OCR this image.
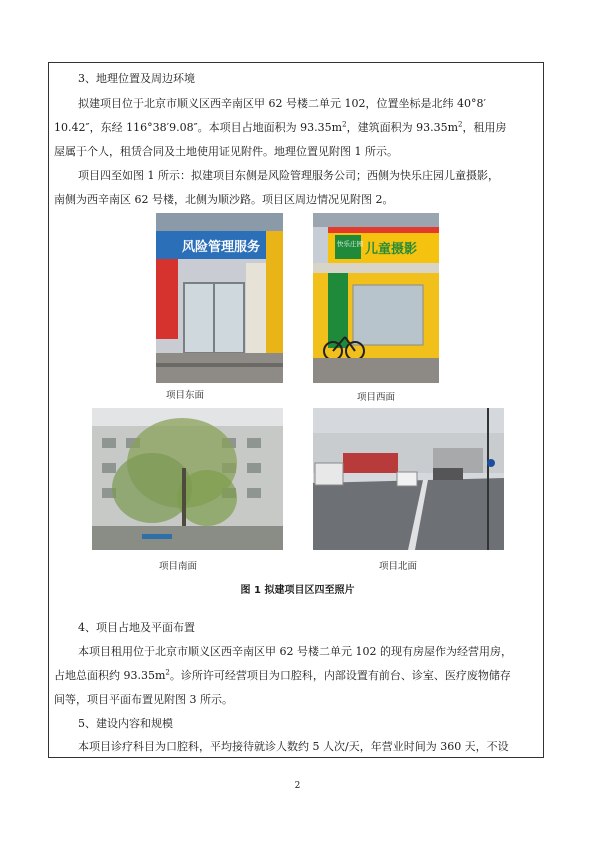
3、地理位置及周边环境
拟建项目位于北京市顺义区西辛南区甲 62 号楼二单元 102，位置坐标是北纬 40°8′
10.42″，东经 116°38′9.08″。本项目占地面积为 $93.35m^2$，建筑面积为 $93.35m^2$，租用房
屋属于个人，租赁合同及土地使用证见附件。地理位置见附图 1 所示。
项目四至如图 1 所示：拟建项目东侧是风险管理服务公司；西侧为快乐庄园儿童摄影，
南侧为西辛南区 62 号楼，北侧为顺沙路。项目区周边情况见附图 2。
风险管理服务
项目东面
快乐庄园 儿童摄影
项目西面
项目南面	项目北面
图 1 拟建项目区四至照片
4、项目占地及平面布置
本项目租用位于北京市顺义区西辛南区甲 62 号楼二单元 102 的现有房屋作为经营用房，
占地总面积约 $93.35m^2$。诊所许可经营项目为口腔科，内部设置有前台、诊室、医疗废物储存
间等，项目平面布置见附图 3 所示。
5、建设内容和规模
本项目诊疗科目为口腔科，平均接待就诊人数约 5 人次/天，年营业时间为 360 天，不设
2
